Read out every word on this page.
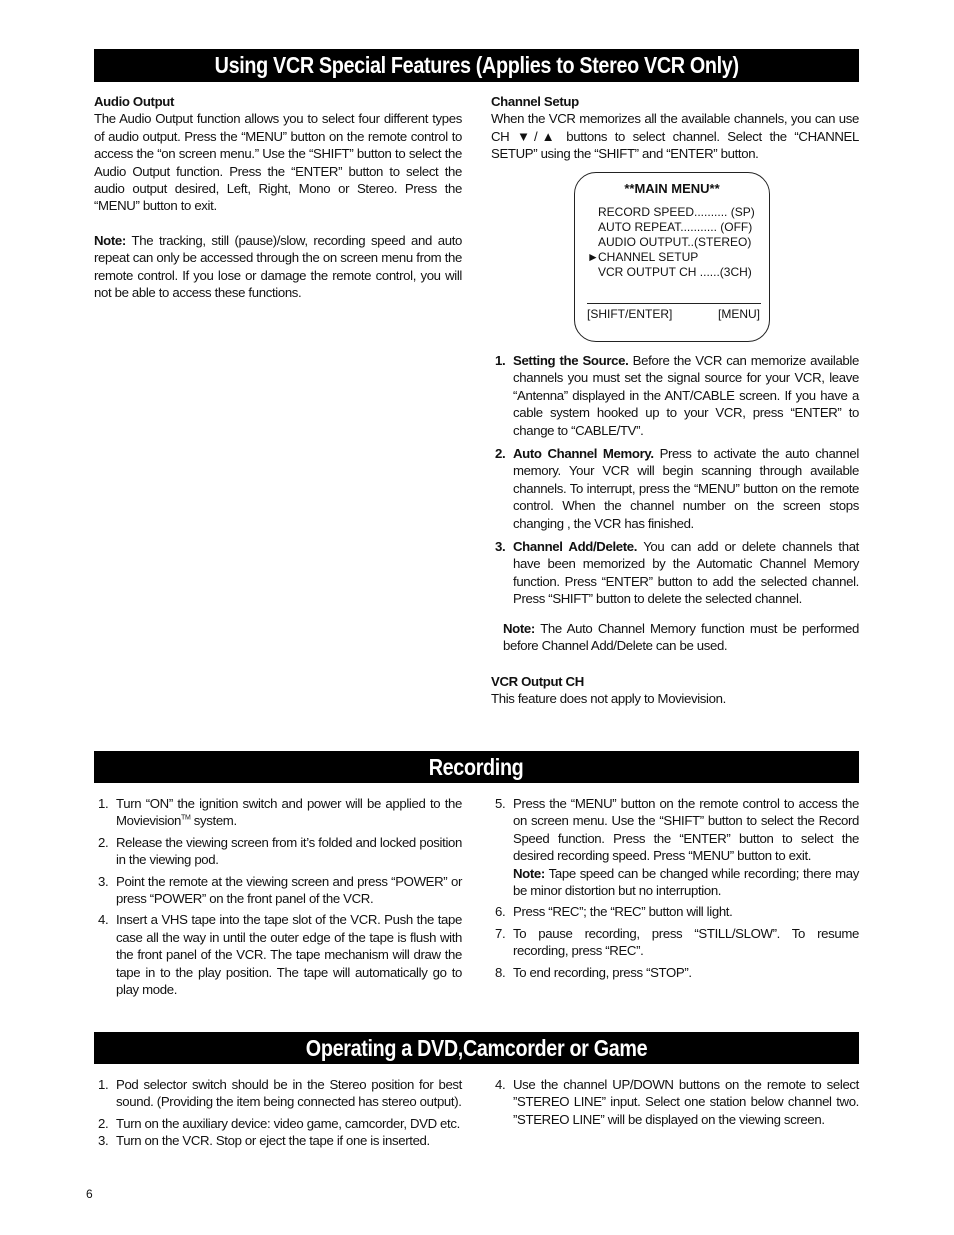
Using VCR Special Features (Applies to Stereo VCR Only)
Audio Output

The Audio Output function allows you to select four different types of audio output. Press the “MENU” button on the remote control to access the “on screen menu.” Use the “SHIFT” button to select the Audio Output function. Press the “ENTER” button to select the audio output desired, Left, Right, Mono or Stereo. Press the “MENU” button to exit.

Note: The tracking, still (pause)/slow, recording speed and auto repeat can only be accessed through the on screen menu from the remote control. If you lose or damage the remote control, you will not be able to access these functions.

Channel Setup

When the VCR memorizes all the available channels, you can use CH ▼/▲ buttons to select channel. Select the “CHANNEL SETUP” using the “SHIFT” and “ENTER” button.

**MAIN MENU**
RECORD SPEED.......... (SP)
AUTO REPEAT........... (OFF)
AUDIO OUTPUT..(STEREO)
► CHANNEL SETUP
VCR OUTPUT CH ......(3CH)
[SHIFT/ENTER]	[MENU]
1. Setting the Source. Before the VCR can memorize available channels you must set the signal source for your VCR, leave “Antenna” displayed in the ANT/CABLE screen. If you have a cable system hooked up to your VCR, press “ENTER” to change to “CABLE/TV”.
2. Auto Channel Memory. Press to activate the auto channel memory. Your VCR will begin scanning through available channels. To interrupt, press the “MENU” button on the remote control. When the channel number on the screen stops changing , the VCR has finished.
3. Channel Add/Delete. You can add or delete channels that have been memorized by the Automatic Channel Memory function. Press “ENTER” button to add the selected channel. Press “SHIFT” button to delete the selected channel.

Note: The Auto Channel Memory function must be performed before Channel Add/Delete can be used.

VCR Output CH

This feature does not apply to Movievision.

Recording
1. Turn “ON” the ignition switch and power will be applied to the Movievision™ system.
2. Release the viewing screen from it’s folded and locked position in the viewing pod.
3. Point the remote at the viewing screen and press “POWER” or press “POWER” on the front panel of the VCR.
4. Insert a VHS tape into the tape slot of the VCR. Push the tape case all the way in until the outer edge of the tape is flush with the front panel of the VCR. The tape mechanism will draw the tape in to the play position. The tape will automatically go to play mode.
5. Press the “MENU” button on the remote control to access the on screen menu. Use the “SHIFT” button to select the Record Speed function. Press the “ENTER” button to select the desired recording speed. Press “MENU” button to exit.
Note: Tape speed can be changed while recording; there may be minor distortion but no interruption.
6. Press “REC”; the “REC” button will light.
7. To pause recording, press “STILL/SLOW”. To resume recording, press “REC”.
8. To end recording, press “STOP”.
Operating a DVD,Camcorder or Game
1. Pod selector switch should be in the Stereo position for best sound. (Providing the item being connected has stereo output).
2. Turn on the auxiliary device: video game, camcorder, DVD etc.
3. Turn on the VCR. Stop or eject the tape if one is inserted.
4. Use the channel UP/DOWN buttons on the remote to select ”STEREO LINE” input. Select one station below channel two. ”STEREO LINE” will be displayed on the viewing screen.
6
